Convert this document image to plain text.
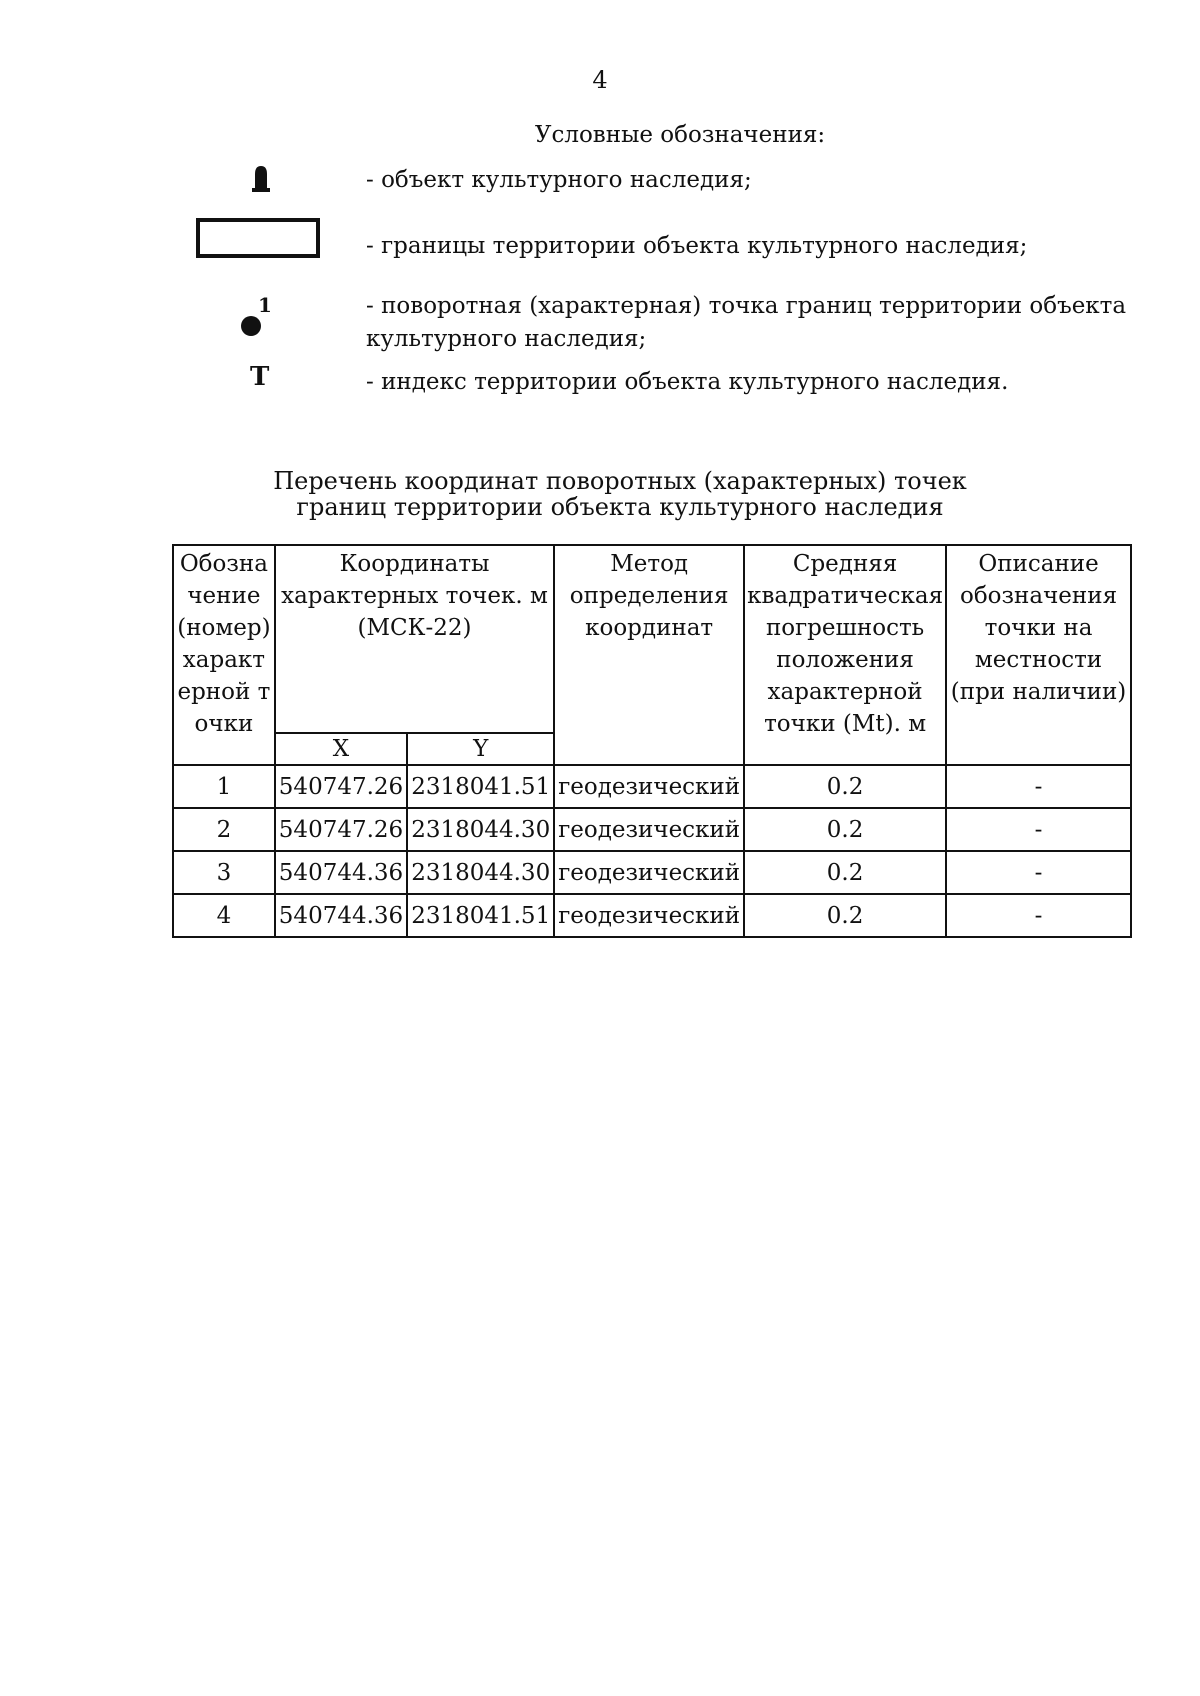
4
Условные обозначения:
- объект культурного наследия;
- границы территории объекта культурного наследия;
1	- поворотная (характерная) точка границ территории объекта культурного наследия;
Т	- индекс территории объекта культурного наследия.
Перечень координат поворотных (характерных) точек
границ территории объекта культурного наследия
Обозначение (номер) характерной точки	Координаты характерных точек. м (МСК-22)		Метод определения координат	Средняя квадратическая погрешность положения характерной точки (Mt). м	Описание обозначения точки на местности (при наличии)
	X	Y			
1	540747.26	2318041.51	геодезический	0.2	-
2	540747.26	2318044.30	геодезический	0.2	-
3	540744.36	2318044.30	геодезический	0.2	-
4	540744.36	2318041.51	геодезический	0.2	-
